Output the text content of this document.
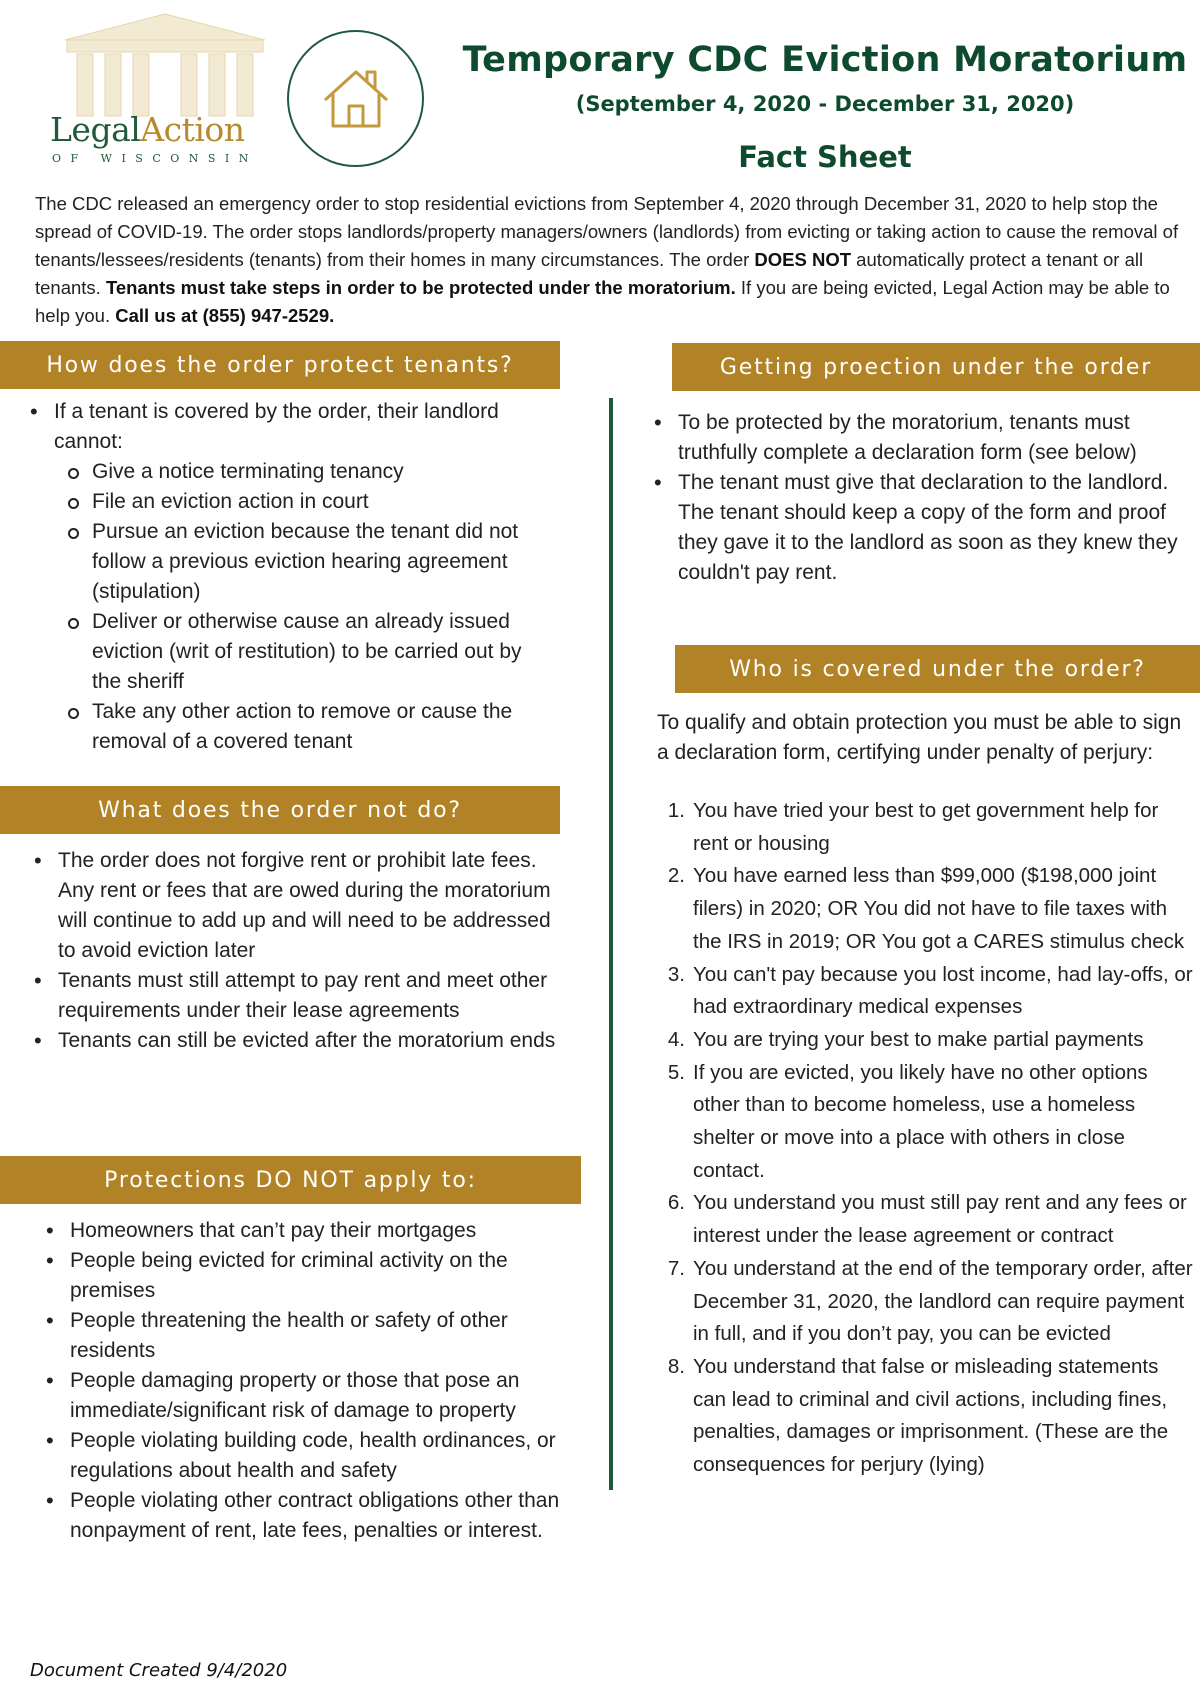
LegalAction
OF WISCONSIN
Temporary CDC Eviction Moratorium
(September 4, 2020 - December 31, 2020)
Fact Sheet

The CDC released an emergency order to stop residential evictions from September 4, 2020 through December 31, 2020 to help stop the spread of COVID-19. The order stops landlords/property managers/owners (landlords) from evicting or taking action to cause the removal of tenants/lessees/residents (tenants) from their homes in many circumstances. The order DOES NOT automatically protect a tenant or all tenants. Tenants must take steps in order to be protected under the moratorium. If you are being evicted, Legal Action may be able to help you. Call us at (855) 947-2529.

How does the order protect tenants?
• If a tenant is covered by the order, their landlord cannot:
Give a notice terminating tenancy
File an eviction action in court
Pursue an eviction because the tenant did not follow a previous eviction hearing agreement (stipulation)
Deliver or otherwise cause an already issued eviction (writ of restitution) to be carried out by the sheriff
Take any other action to remove or cause the removal of a covered tenant
What does the order not do?
• The order does not forgive rent or prohibit late fees. Any rent or fees that are owed during the moratorium will continue to add up and will need to be addressed to avoid eviction later
• Tenants must still attempt to pay rent and meet other requirements under their lease agreements
• Tenants can still be evicted after the moratorium ends
Protections DO NOT apply to:
• Homeowners that can’t pay their mortgages
• People being evicted for criminal activity on the premises
• People threatening the health or safety of other residents
• People damaging property or those that pose an immediate/significant risk of damage to property
• People violating building code, health ordinances, or regulations about health and safety
• People violating other contract obligations other than nonpayment of rent, late fees, penalties or interest.
Getting proection under the order
• To be protected by the moratorium, tenants must truthfully complete a declaration form (see below)
• The tenant must give that declaration to the landlord. The tenant should keep a copy of the form and proof they gave it to the landlord as soon as they knew they couldn't pay rent.
Who is covered under the order?

To qualify and obtain protection you must be able to sign a declaration form, certifying under penalty of perjury:

1. You have tried your best to get government help for rent or housing
2. You have earned less than $99,000 ($198,000 joint filers) in 2020; OR You did not have to file taxes with the IRS in 2019; OR You got a CARES stimulus check
3. You can't pay because you lost income, had lay-offs, or had extraordinary medical expenses
4. You are trying your best to make partial payments
5. If you are evicted, you likely have no other options other than to become homeless, use a homeless shelter or move into a place with others in close contact.
6. You understand you must still pay rent and any fees or interest under the lease agreement or contract
7. You understand at the end of the temporary order, after December 31, 2020, the landlord can require payment in full, and if you don’t pay, you can be evicted
8. You understand that false or misleading statements can lead to criminal and civil actions, including fines, penalties, damages or imprisonment. (These are the consequences for perjury (lying)
Document Created 9/4/2020
